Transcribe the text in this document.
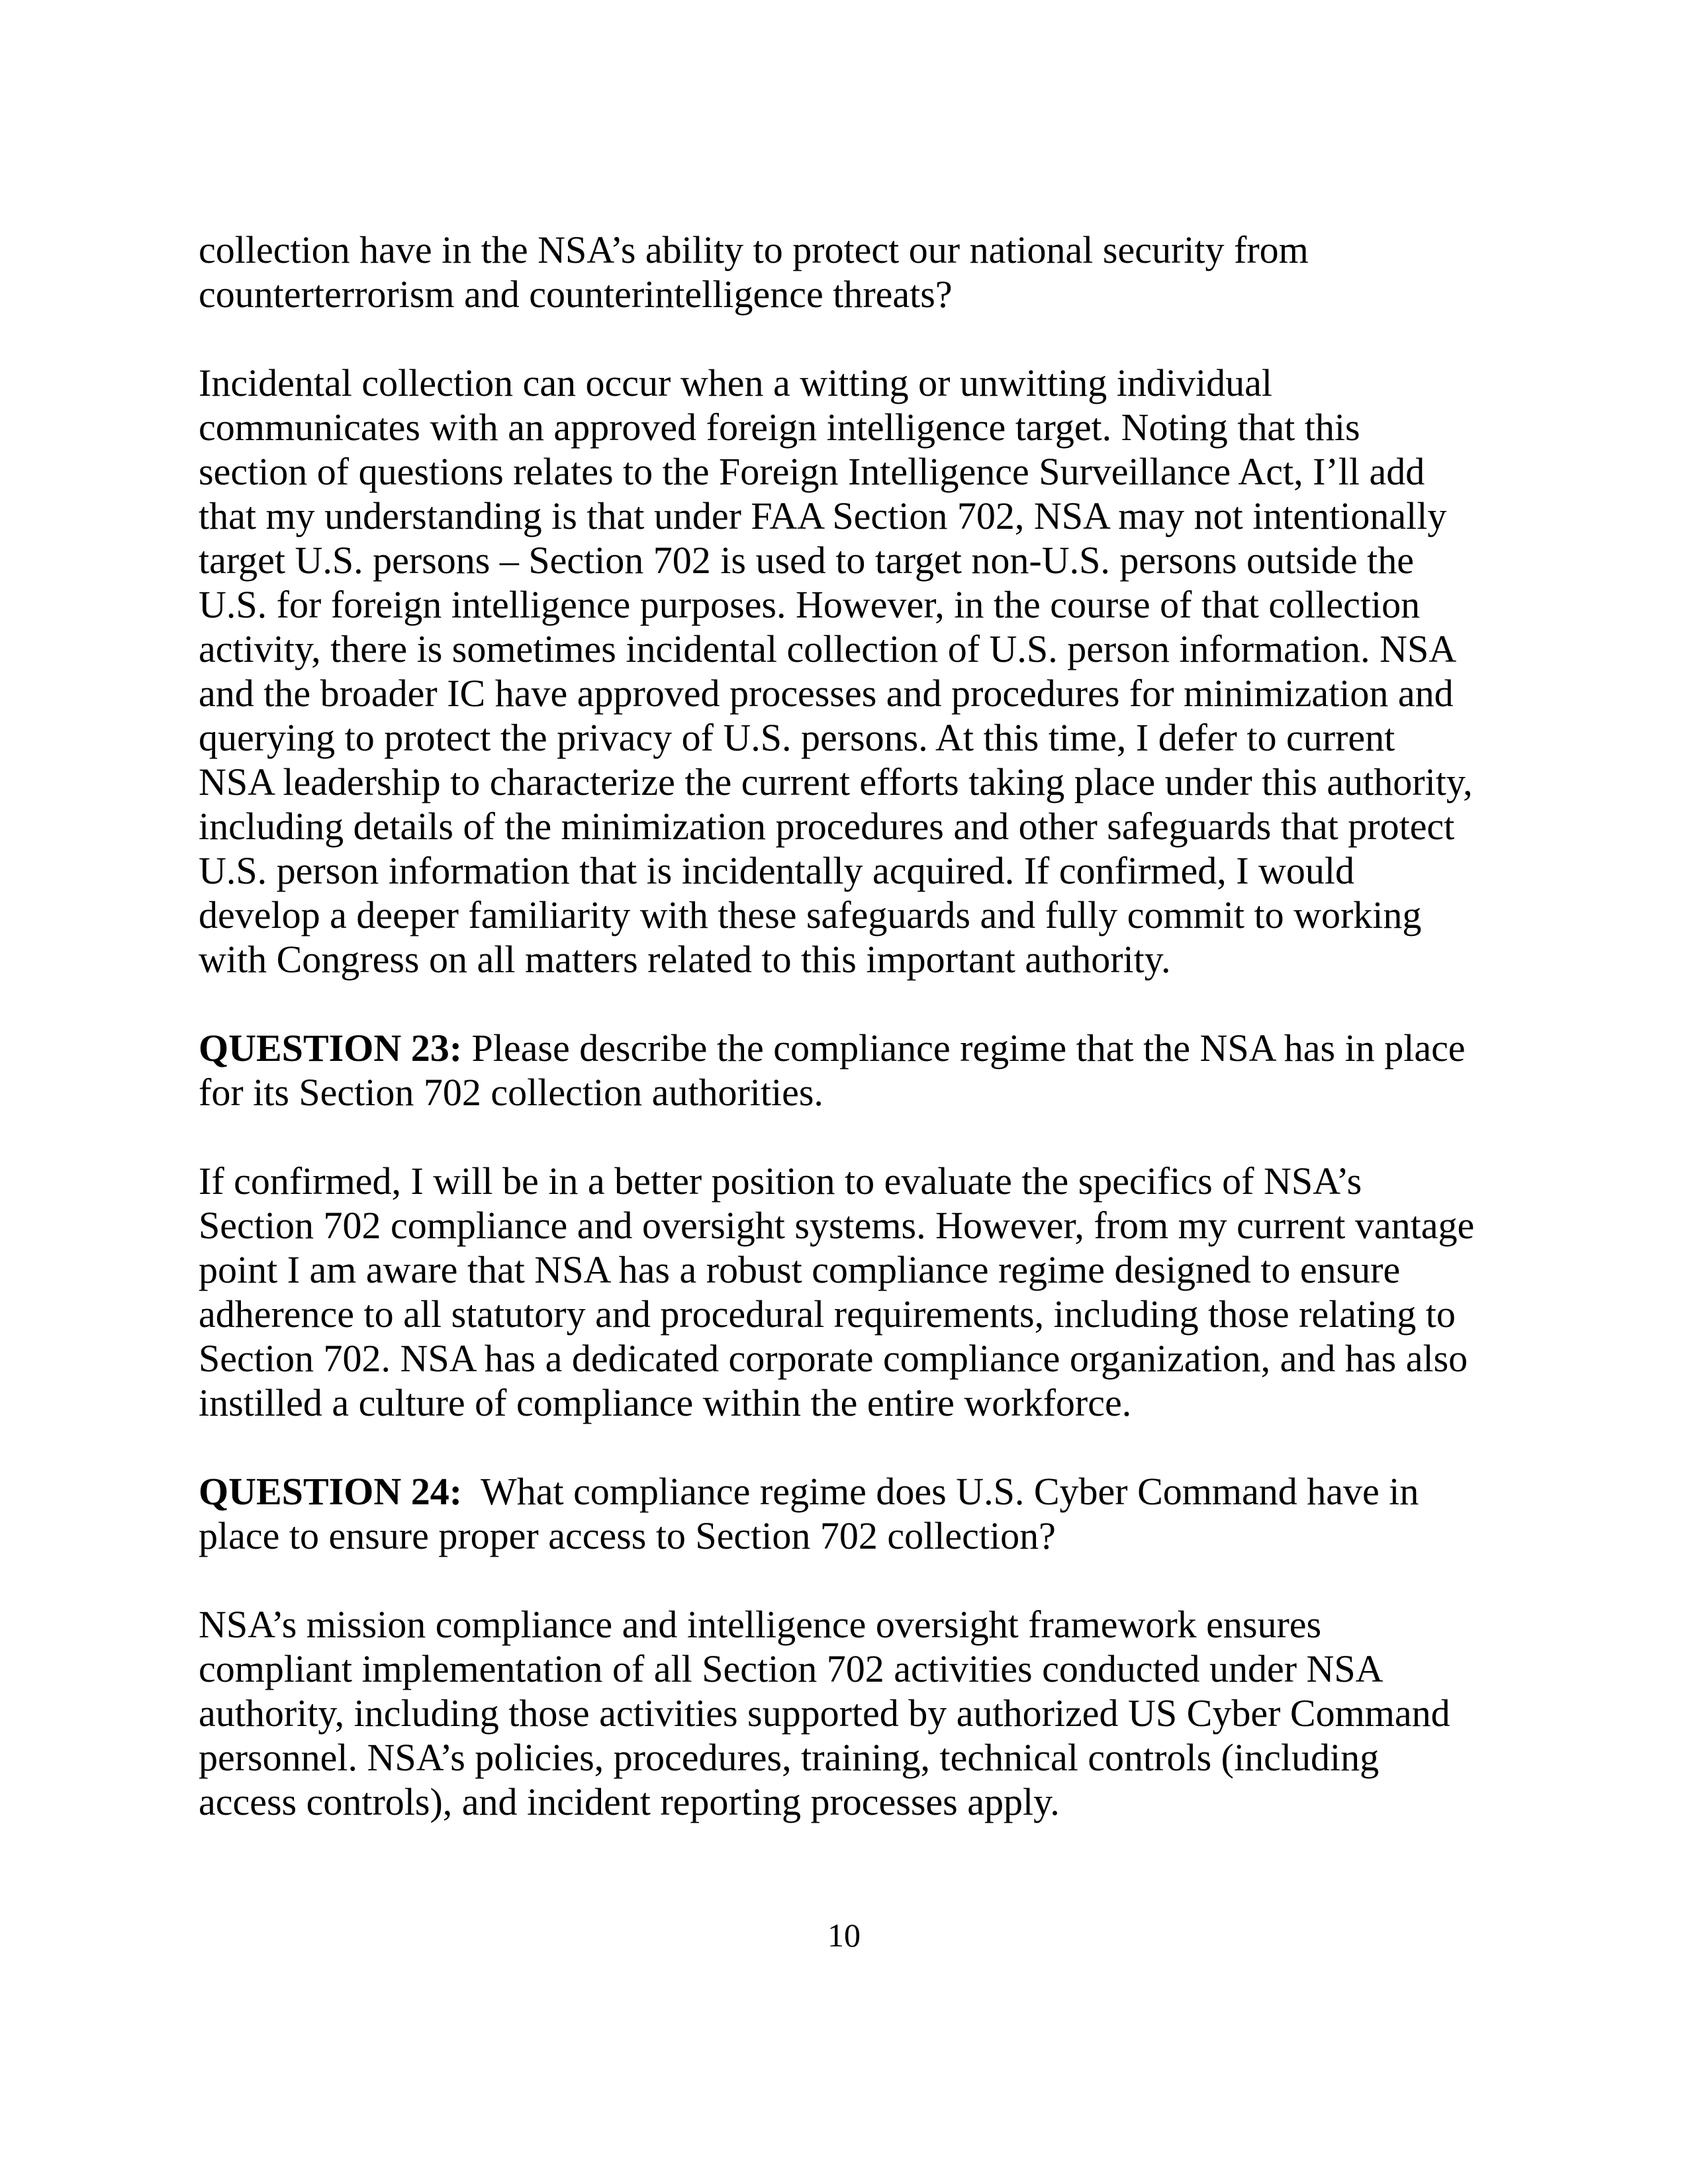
collection have in the NSA’s ability to protect our national security from
counterterrorism and counterintelligence threats?
Incidental collection can occur when a witting or unwitting individual
communicates with an approved foreign intelligence target. Noting that this
section of questions relates to the Foreign Intelligence Surveillance Act, I’ll add
that my understanding is that under FAA Section 702, NSA may not intentionally
target U.S. persons – Section 702 is used to target non-U.S. persons outside the
U.S. for foreign intelligence purposes. However, in the course of that collection
activity, there is sometimes incidental collection of U.S. person information. NSA
and the broader IC have approved processes and procedures for minimization and
querying to protect the privacy of U.S. persons. At this time, I defer to current
NSA leadership to characterize the current efforts taking place under this authority,
including details of the minimization procedures and other safeguards that protect
U.S. person information that is incidentally acquired. If confirmed, I would
develop a deeper familiarity with these safeguards and fully commit to working
with Congress on all matters related to this important authority.
QUESTION 23: Please describe the compliance regime that the NSA has in place
for its Section 702 collection authorities.
If confirmed, I will be in a better position to evaluate the specifics of NSA’s
Section 702 compliance and oversight systems. However, from my current vantage
point I am aware that NSA has a robust compliance regime designed to ensure
adherence to all statutory and procedural requirements, including those relating to
Section 702. NSA has a dedicated corporate compliance organization, and has also
instilled a culture of compliance within the entire workforce.
QUESTION 24:  What compliance regime does U.S. Cyber Command have in
place to ensure proper access to Section 702 collection?
NSA’s mission compliance and intelligence oversight framework ensures
compliant implementation of all Section 702 activities conducted under NSA
authority, including those activities supported by authorized US Cyber Command
personnel. NSA’s policies, procedures, training, technical controls (including
access controls), and incident reporting processes apply.
10
